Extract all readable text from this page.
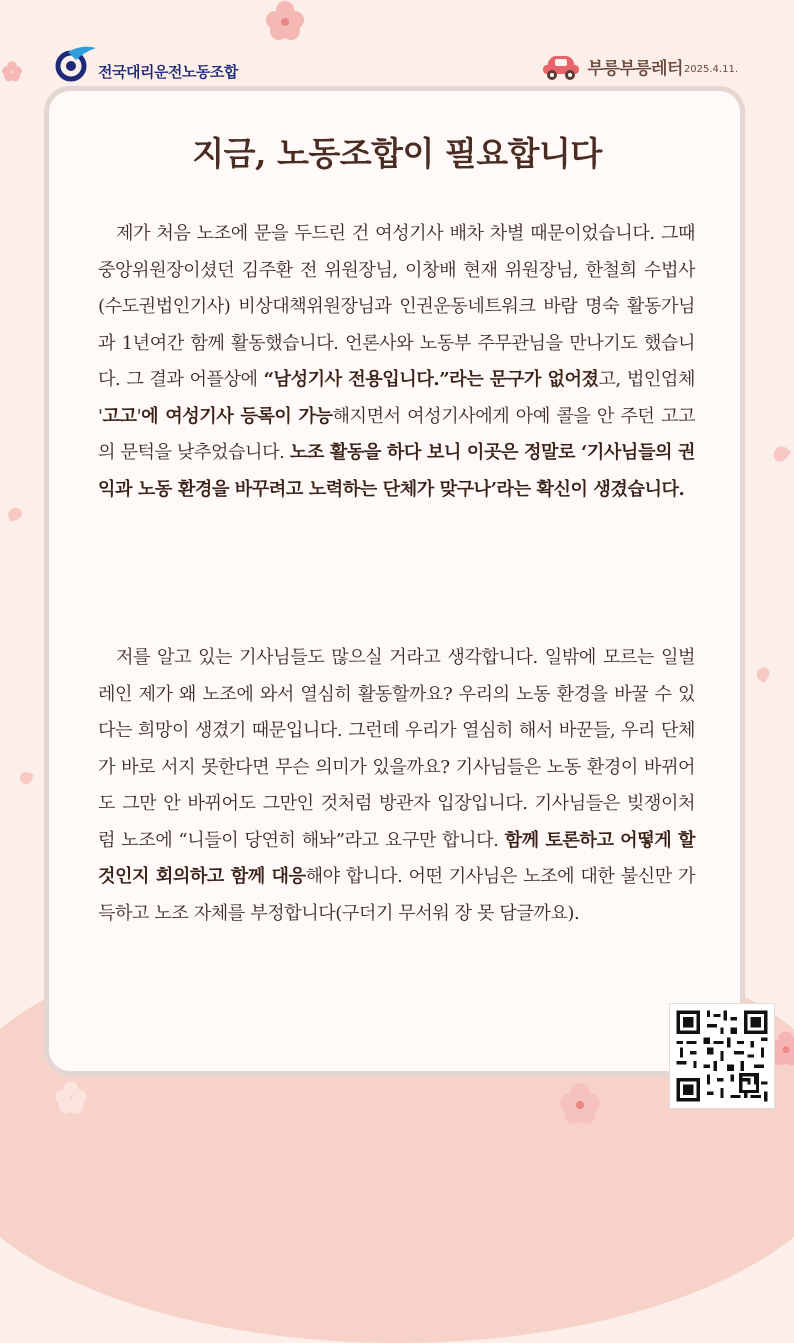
전국대리운전노동조합	부릉부릉레터 2025.4.11.
지금, 노동조합이 필요합니다

제가 처음 노조에 문을 두드린 건 여성기사 배차 차별 때문이었습니다. 그때 중앙위원장이셨던 김주환 전 위원장님, 이창배 현재 위원장님, 한철희 수법사(수도권법인기사) 비상대책위원장님과 인권운동네트워크 바람 명숙 활동가님과 1년여간 함께 활동했습니다. 언론사와 노동부 주무관님을 만나기도 했습니다. 그 결과 어플상에 “남성기사 전용입니다.”라는 문구가 없어졌고, 법인업체 '고고'에 여성기사 등록이 가능해지면서 여성기사에게 아예 콜을 안 주던 고고의 문턱을 낮추었습니다. 노조 활동을 하다 보니 이곳은 정말로 ‘기사님들의 권익과 노동 환경을 바꾸려고 노력하는 단체가 맞구나’라는 확신이 생겼습니다.

저를 알고 있는 기사님들도 많으실 거라고 생각합니다. 일밖에 모르는 일벌레인 제가 왜 노조에 와서 열심히 활동할까요? 우리의 노동 환경을 바꿀 수 있다는 희망이 생겼기 때문입니다. 그런데 우리가 열심히 해서 바꾼들, 우리 단체가 바로 서지 못한다면 무슨 의미가 있을까요? 기사님들은 노동 환경이 바뀌어도 그만 안 바뀌어도 그만인 것처럼 방관자 입장입니다. 기사님들은 빚쟁이처럼 노조에 “니들이 당연히 해놔”라고 요구만 합니다. 함께 토론하고 어떻게 할 것인지 회의하고 함께 대응해야 합니다. 어떤 기사님은 노조에 대한 불신만 가득하고 노조 자체를 부정합니다(구더기 무서워 장 못 담글까요).
